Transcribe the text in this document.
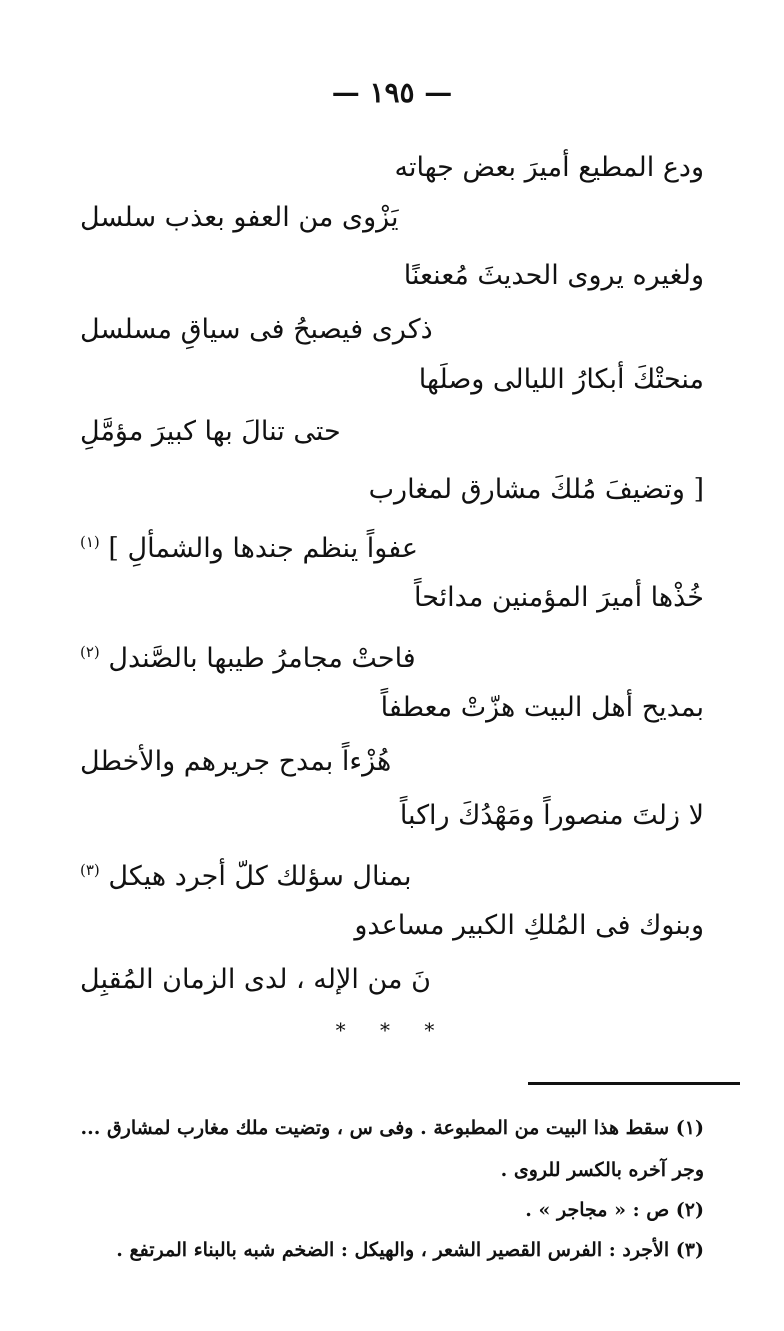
— ١٩٥ —
ودع المطيع أميرَ بعض جهاته
يَزْوى من العفو بعذب سلسل
ولغيره يروى الحديثَ مُعنعنًا
ذكرى فيصبحُ فى سياقِ مسلسل
منحتْكَ أبكارُ الليالى وصلَها
حتى تنالَ بها كبيرَ مؤمَّلِ
[ وتضيفَ مُلكَ مشارق لمغارب
عفواً ينظم جندها والشمألِ ] $^{(١)}$
خُذْها أميرَ المؤمنين مدائحاً
فاحتْ مجامرُ طيبها بالصَّندل $^{(٢)}$
بمديح أهل البيت هزّتْ معطفاً
هُزْءاً بمدح جريرهم والأخطل
لا زلتَ منصوراً ومَهْدُكَ راكباً
بمنال سؤلك كلّ أجرد هيكل $^{(٣)}$
وبنوك فى المُلكِ الكبير مساعدو
نَ من الإله ، لدى الزمان المُقبِل
* * *
(١) سقط هذا البيت من المطبوعة . وفى س ، وتضيت ملك مغارب لمشارق ...
وجر آخره بالكسر للروى .
(٢) ص : « مجاجر » .
(٣) الأجرد : الفرس القصير الشعر ، والهيكل : الضخم شبه بالبناء المرتفع .
